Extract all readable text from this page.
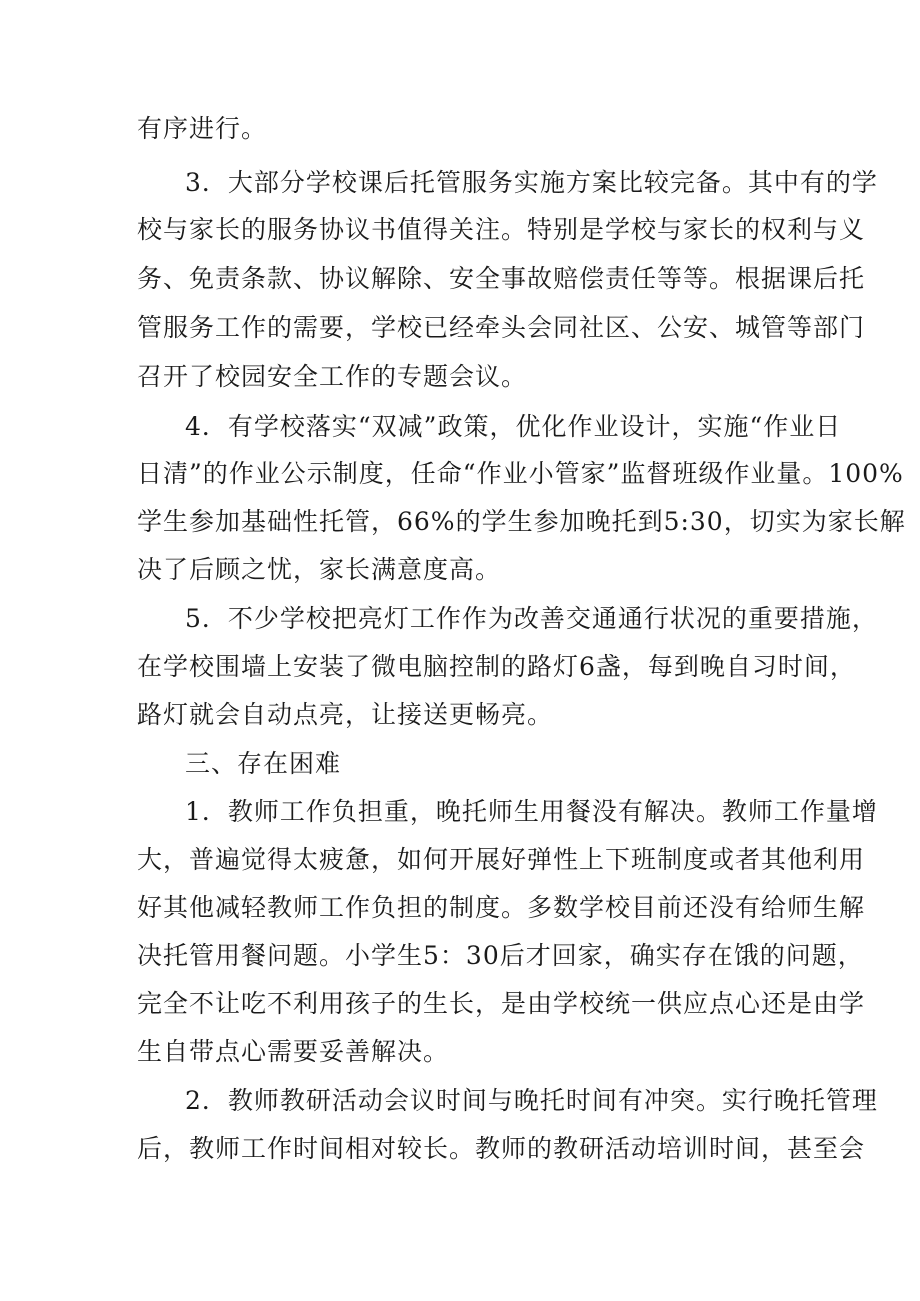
有序进行。
3．大部分学校课后托管服务实施方案比较完备。其中有的学
校与家长的服务协议书值得关注。特别是学校与家长的权利与义
务、免责条款、协议解除、安全事故赔偿责任等等。根据课后托
管服务工作的需要，学校已经牵头会同社区、公安、城管等部门
召开了校园安全工作的专题会议。
4．有学校落实“双减”政策，优化作业设计，实施“作业日
日清”的作业公示制度，任命“作业小管家”监督班级作业量。100%
学生参加基础性托管，66%的学生参加晚托到5:30，切实为家长解
决了后顾之忧，家长满意度高。
5．不少学校把亮灯工作作为改善交通通行状况的重要措施，
在学校围墙上安装了微电脑控制的路灯6盏，每到晚自习时间，
路灯就会自动点亮，让接送更畅亮。
三、存在困难
1．教师工作负担重，晚托师生用餐没有解决。教师工作量增
大，普遍觉得太疲惫，如何开展好弹性上下班制度或者其他利用
好其他减轻教师工作负担的制度。多数学校目前还没有给师生解
决托管用餐问题。小学生5：30后才回家，确实存在饿的问题，
完全不让吃不利用孩子的生长，是由学校统一供应点心还是由学
生自带点心需要妥善解决。
2．教师教研活动会议时间与晚托时间有冲突。实行晚托管理
后，教师工作时间相对较长。教师的教研活动培训时间，甚至会
